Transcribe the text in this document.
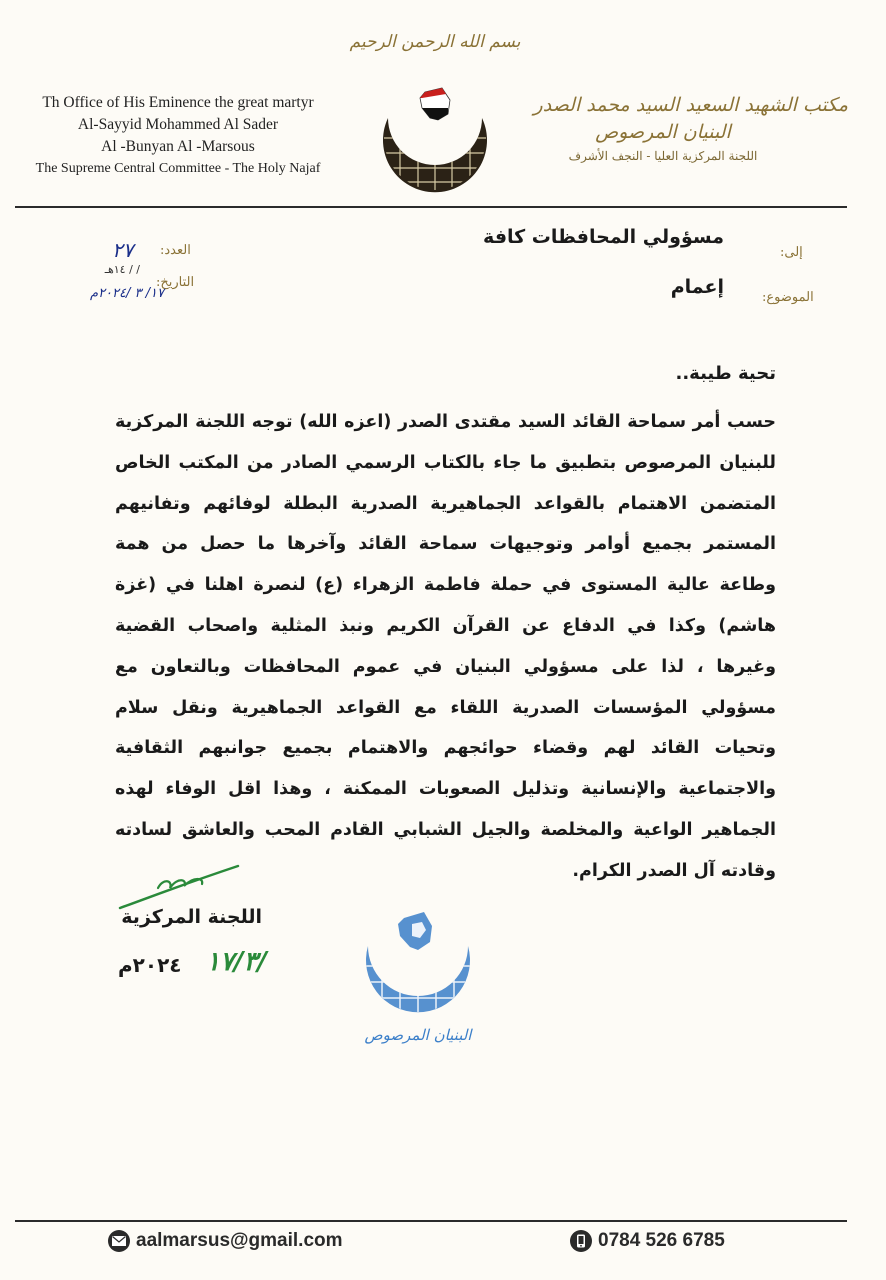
بسم الله الرحمن الرحيم
Th Office of His Eminence the great martyr
Al-Sayyid Mohammed Al Sader
Al -Bunyan Al -Marsous
The Supreme Central Committee - The Holy Najaf
مكتب الشهيد السعيد السيد محمد الصدر
البنيان المرصوص
اللجنة المركزية العليا - النجف الأشرف
إلى:
مسؤولي المحافظات كافة
الموضوع:
إعمام
العدد:
٢٧
التاريخ:
/ / ١٤هـ
١٧/ ٣ /٢٠٢٤م
تحية طيبة..
حسب أمر سماحة القائد السيد مقتدى الصدر (اعزه الله) توجه اللجنة المركزية للبنيان المرصوص بتطبيق ما جاء بالكتاب الرسمي الصادر من المكتب الخاص المتضمن الاهتمام بالقواعد الجماهيرية الصدرية البطلة لوفائهم وتفانيهم المستمر بجميع أوامر وتوجيهات سماحة القائد وآخرها ما حصل من همة وطاعة عالية المستوى في حملة فاطمة الزهراء (ع) لنصرة اهلنا في (غزة هاشم) وكذا في الدفاع عن القرآن الكريم ونبذ المثلية واصحاب القضية وغيرها ، لذا على مسؤولي البنيان في عموم المحافظات وبالتعاون مع مسؤولي المؤسسات الصدرية اللقاء مع القواعد الجماهيرية ونقل سلام وتحيات القائد لهم وقضاء حوائجهم والاهتمام بجميع جوانبهم الثقافية والاجتماعية والإنسانية وتذليل الصعوبات الممكنة ، وهذا اقل الوفاء لهذه الجماهير الواعية والمخلصة والجيل الشبابي القادم المحب والعاشق لسادته وقادته آل الصدر الكرام.
اللجنة المركزية
٢٠٢٤م ١٧/٣/
البنيان المرصوص
aalmarsus@gmail.com	0784 526 6785
